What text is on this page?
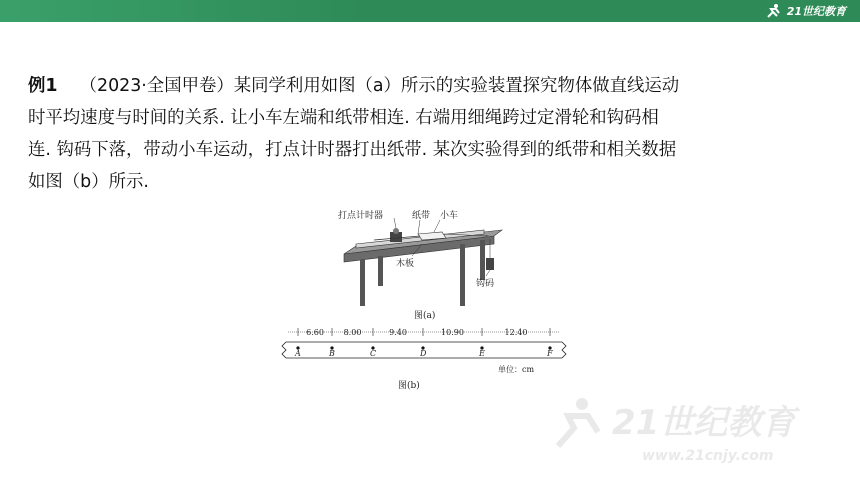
21世纪教育

例1 （2023·全国甲卷）某同学利用如图（a）所示的实验装置探究物体做直线运动

时平均速度与时间的关系. 让小车左端和纸带相连. 右端用细绳跨过定滑轮和钩码相

连. 钩码下落，带动小车运动，打点计时器打出纸带. 某次实验得到的纸带和相关数据

如图（b）所示.

打点计时器	纸带 小车
木板
钩码
图(a)
A	B	C	D	E	F
6.60 8.00	9.40	10.90	12.40
单位：cm
图(b)
21世纪教育
www.21cnjy.com
